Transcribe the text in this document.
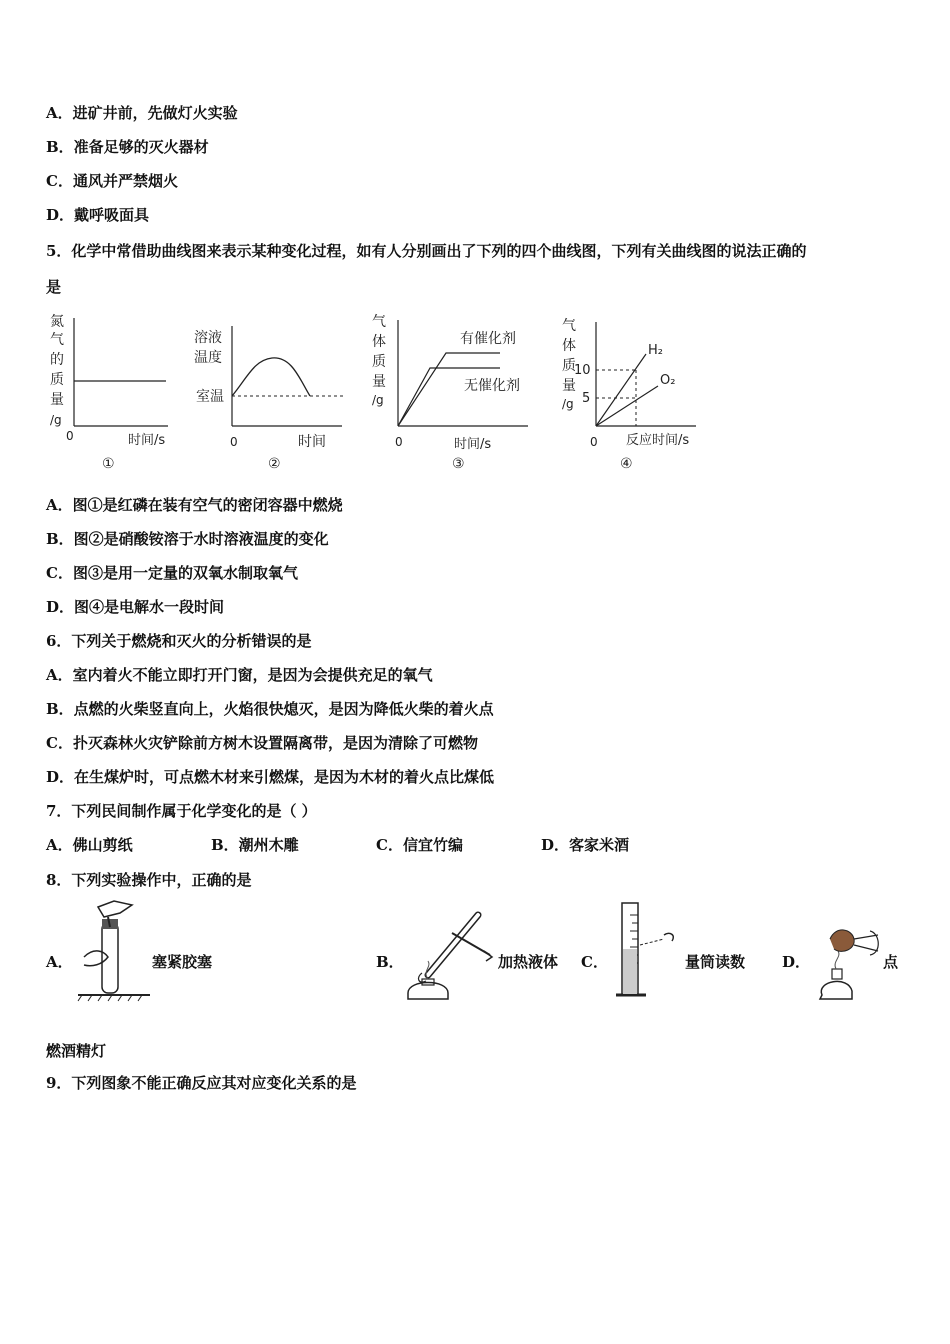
A．进矿井前，先做灯火实验
B．准备足够的灭火器材
C．通风并严禁烟火
D．戴呼吸面具
5．化学中常借助曲线图来表示某种变化过程，如有人分别画出了下列的四个曲线图，下列有关曲线图的说法正确的
是
氮
气
的
质
量
/g
0	时间/s
①
溶液
温度
室温
0	时间
②
气
体
质
量
/g
有催化剂
无催化剂
0	时间/s
③
气
体
质
量
/g
10
5
H₂
O₂
0 反应时间/s
④
A．图①是红磷在装有空气的密闭容器中燃烧
B．图②是硝酸铵溶于水时溶液温度的变化
C．图③是用一定量的双氧水制取氧气
D．图④是电解水一段时间
6．下列关于燃烧和灭火的分析错误的是
A．室内着火不能立即打开门窗，是因为会提供充足的氧气
B．点燃的火柴竖直向上，火焰很快熄灭，是因为降低火柴的着火点
C．扑灭森林火灾铲除前方树木设置隔离带，是因为清除了可燃物
D．在生煤炉时，可点燃木材来引燃煤，是因为木材的着火点比煤低
7．下列民间制作属于化学变化的是（ ）
A．佛山剪纸	B．潮州木雕	C．信宜竹编	D．客家米酒
8．下列实验操作中，正确的是
A．	塞紧胶塞	B．	加热液体 C．	量筒读数 D．	点
燃酒精灯
9．下列图象不能正确反应其对应变化关系的是
